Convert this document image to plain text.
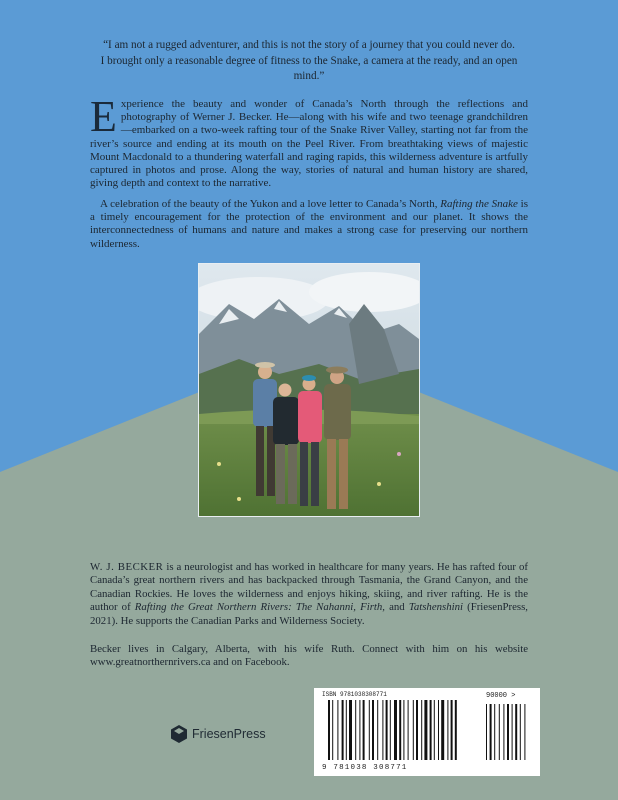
“I am not a rugged adventurer, and this is not the story of a journey that you could never do. I brought only a reasonable degree of fitness to the Snake, a camera at the ready, and an open mind.”
Experience the beauty and wonder of Canada’s North through the reflections and photography of Werner J. Becker. He—along with his wife and two teenage grandchildren—embarked on a two-week rafting tour of the Snake River Valley, starting not far from the river’s source and ending at its mouth on the Peel River. From breathtaking views of majestic Mount Macdonald to a thundering waterfall and raging rapids, this wilderness adventure is artfully captured in photos and prose. Along the way, stories of natural and human history are shared, giving depth and context to the narrative.
A celebration of the beauty of the Yukon and a love letter to Canada’s North, Rafting the Snake is a timely encouragement for the protection of the environment and our planet. It shows the interconnectedness of humans and nature and makes a strong case for preserving our northern wilderness.
W. J. BECKER is a neurologist and has worked in healthcare for many years. He has rafted four of Canada’s great northern rivers and has backpacked through Tasmania, the Grand Canyon, and the Canadian Rockies. He loves the wilderness and enjoys hiking, skiing, and river rafting. He is the author of Rafting the Great Northern Rivers: The Nahanni, Firth, and Tatshenshini (FriesenPress, 2021). He supports the Canadian Parks and Wilderness Society.
Becker lives in Calgary, Alberta, with his wife Ruth. Connect with him on his website www.greatnorthernrivers.ca and on Facebook.
FriesenPress
ISBN 9781038308771	90000 >
9 781038 308771
